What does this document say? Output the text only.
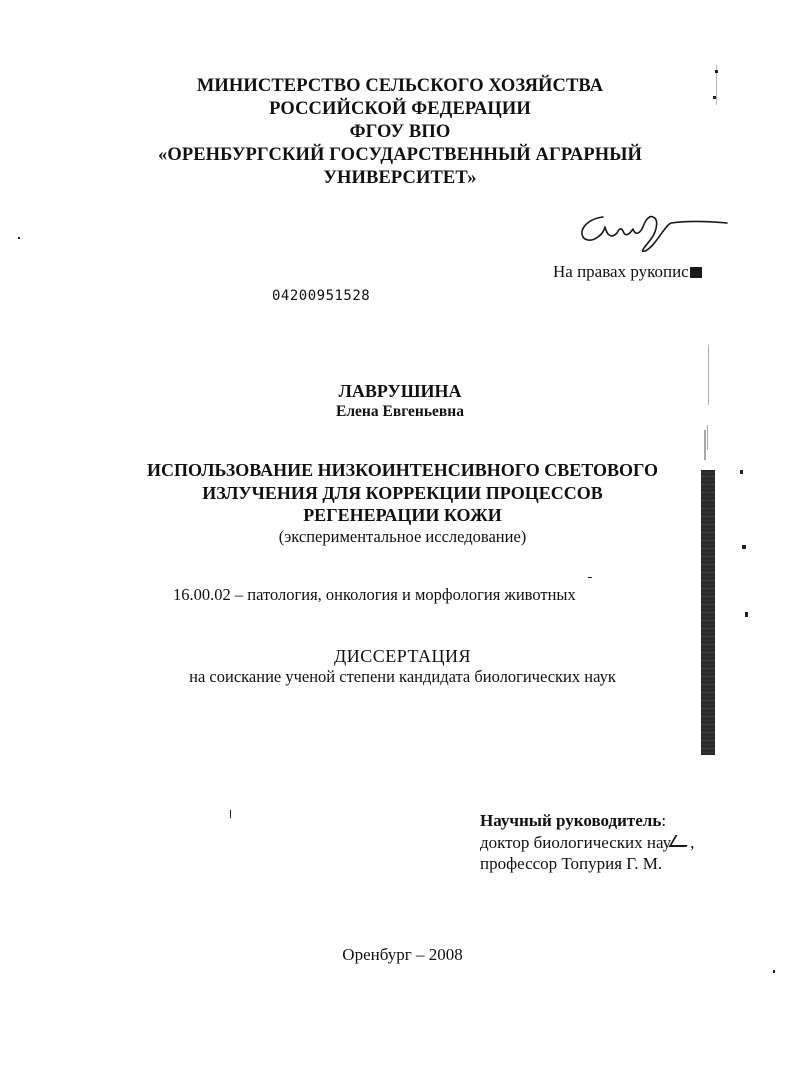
МИНИСТЕРСТВО СЕЛЬСКОГО ХОЗЯЙСТВА
РОССИЙСКОЙ ФЕДЕРАЦИИ
ФГОУ ВПО
«ОРЕНБУРГСКИЙ ГОСУДАРСТВЕННЫЙ АГРАРНЫЙ
УНИВЕРСИТЕТ»
На правах рукопис
04200951528
ЛАВРУШИНА
Елена Евгеньевна
ИСПОЛЬЗОВАНИЕ НИЗКОИНТЕНСИВНОГО СВЕТОВОГО
ИЗЛУЧЕНИЯ ДЛЯ КОРРЕКЦИИ ПРОЦЕССОВ
РЕГЕНЕРАЦИИ КОЖИ
(экспериментальное исследование)
16.00.02 – патология, онкология и морфология животных
ДИССЕРТАЦИЯ
на соискание ученой степени кандидата биологических наук
Научный руководитель:
доктор биологических нау ,
профессор Топурия Г. М.
Оренбург – 2008
